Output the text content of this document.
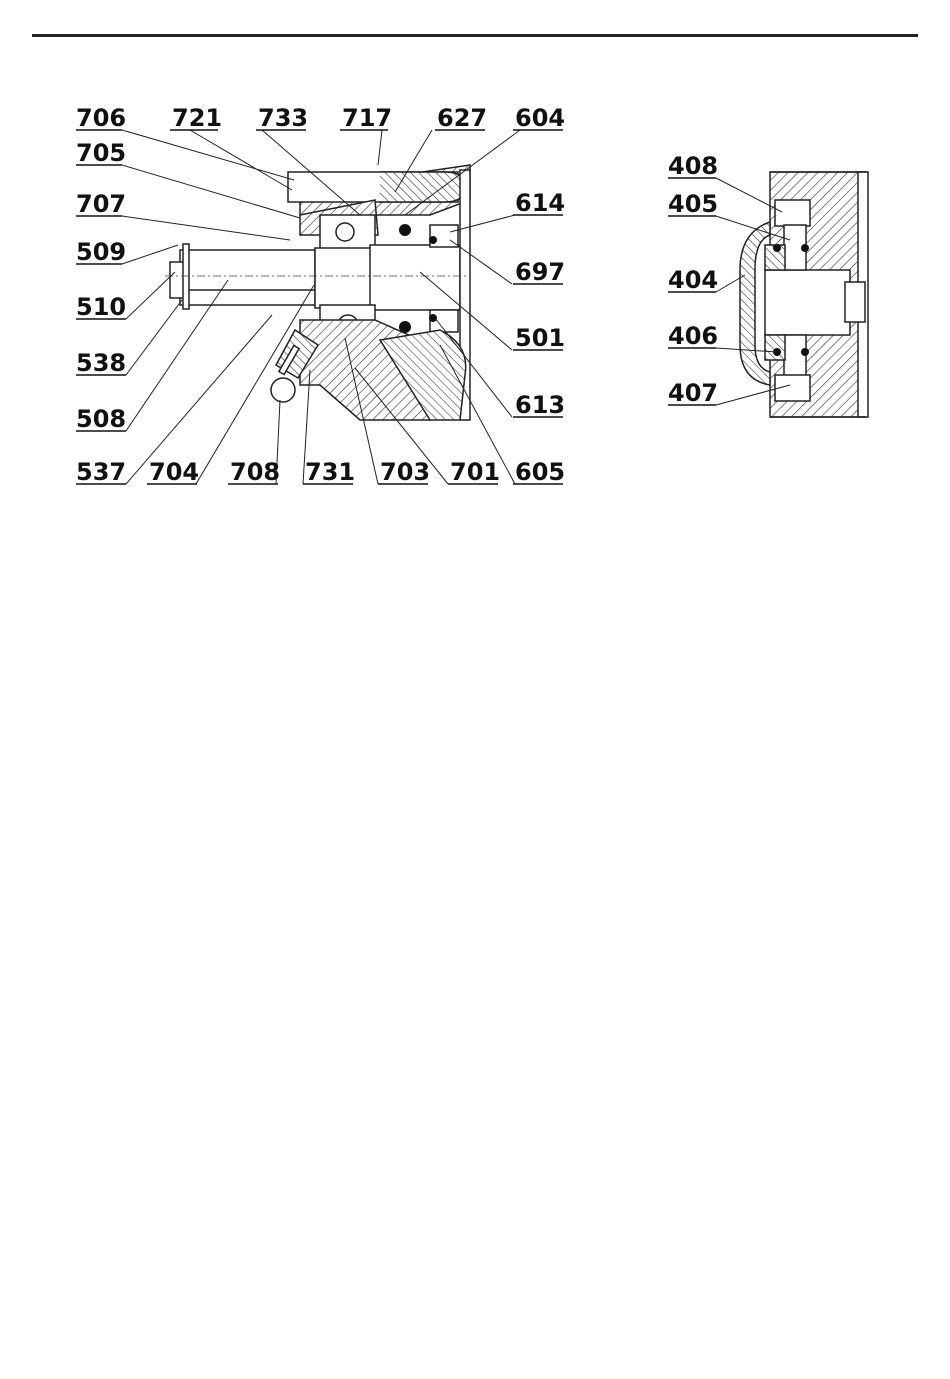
706 721 733 717 627 604
705
614
707
509
697
510
501
538
613
508
537 704 708 731 703 701 605
408
405
404
406
407
